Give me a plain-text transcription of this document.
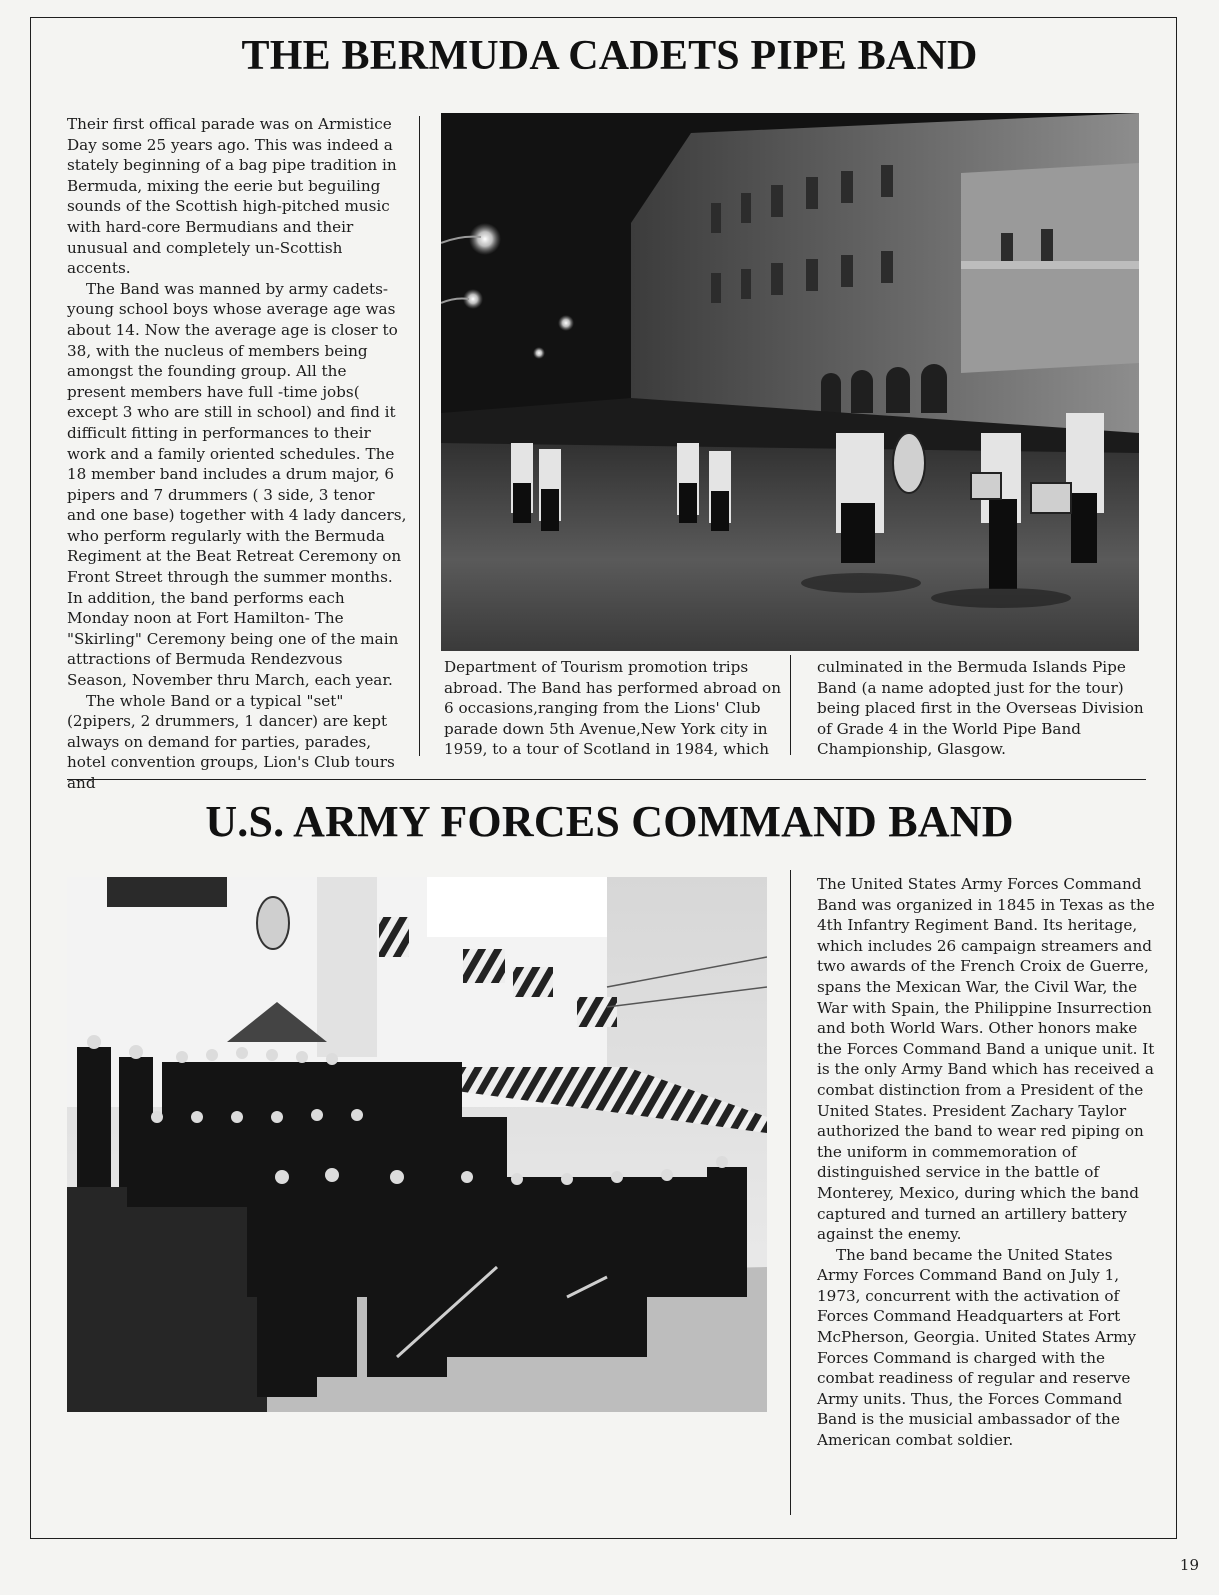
THE BERMUDA CADETS PIPE BAND

Their first offical parade was on Armistice Day some 25 years ago. This was indeed a stately beginning of a bag pipe tradition in Bermuda, mixing the eerie but beguiling sounds of the Scottish high-pitched music with hard-core Bermudians and their unusual and completely un-Scottish accents.

The Band was manned by army cadets-young school boys whose average age was about 14. Now the average age is closer to 38, with the nucleus of members being amongst the founding group. All the present members have full -time jobs( except 3 who are still in school) and find it difficult fitting in performances to their work and a family oriented schedules. The 18 member band includes a drum major, 6 pipers and 7 drummers ( 3 side, 3 tenor and one base) together with 4 lady dancers, who perform regularly with the Bermuda Regiment at the Beat Retreat Ceremony on Front Street through the summer months. In addition, the band performs each Monday noon at Fort Hamilton- The "Skirling" Ceremony being one of the main attractions of Bermuda Rendezvous Season, November thru March, each year.

The whole Band or a typical "set" (2pipers, 2 drummers, 1 dancer) are kept always on demand for parties, parades, hotel convention groups, Lion's Club tours and

Department of Tourism promotion trips abroad. The Band has performed abroad on 6 occasions,ranging from the Lions' Club parade down 5th Avenue,New York city in 1959, to a tour of Scotland in 1984, which

culminated in the Bermuda Islands Pipe Band (a name adopted just for the tour) being placed first in the Overseas Division of Grade 4 in the World Pipe Band Championship, Glasgow.

U.S. ARMY FORCES COMMAND BAND

The United States Army Forces Command Band was organized in 1845 in Texas as the 4th Infantry Regiment Band. Its heritage, which includes 26 campaign streamers and two awards of the French Croix de Guerre, spans the Mexican War, the Civil War, the War with Spain, the Philippine Insurrection and both World Wars. Other honors make the Forces Command Band a unique unit. It is the only Army Band which has received a combat distinction from a President of the United States. President Zachary Taylor authorized the band to wear red piping on the uniform in commemoration of distinguished service in the battle of Monterey, Mexico, during which the band captured and turned an artillery battery against the enemy.

The band became the United States Army Forces Command Band on July 1, 1973, concurrent with the activation of Forces Command Headquarters at Fort McPherson, Georgia. United States Army Forces Command is charged with the combat readiness of regular and reserve Army units. Thus, the Forces Command Band is the musicial ambassador of the American combat soldier.

19
